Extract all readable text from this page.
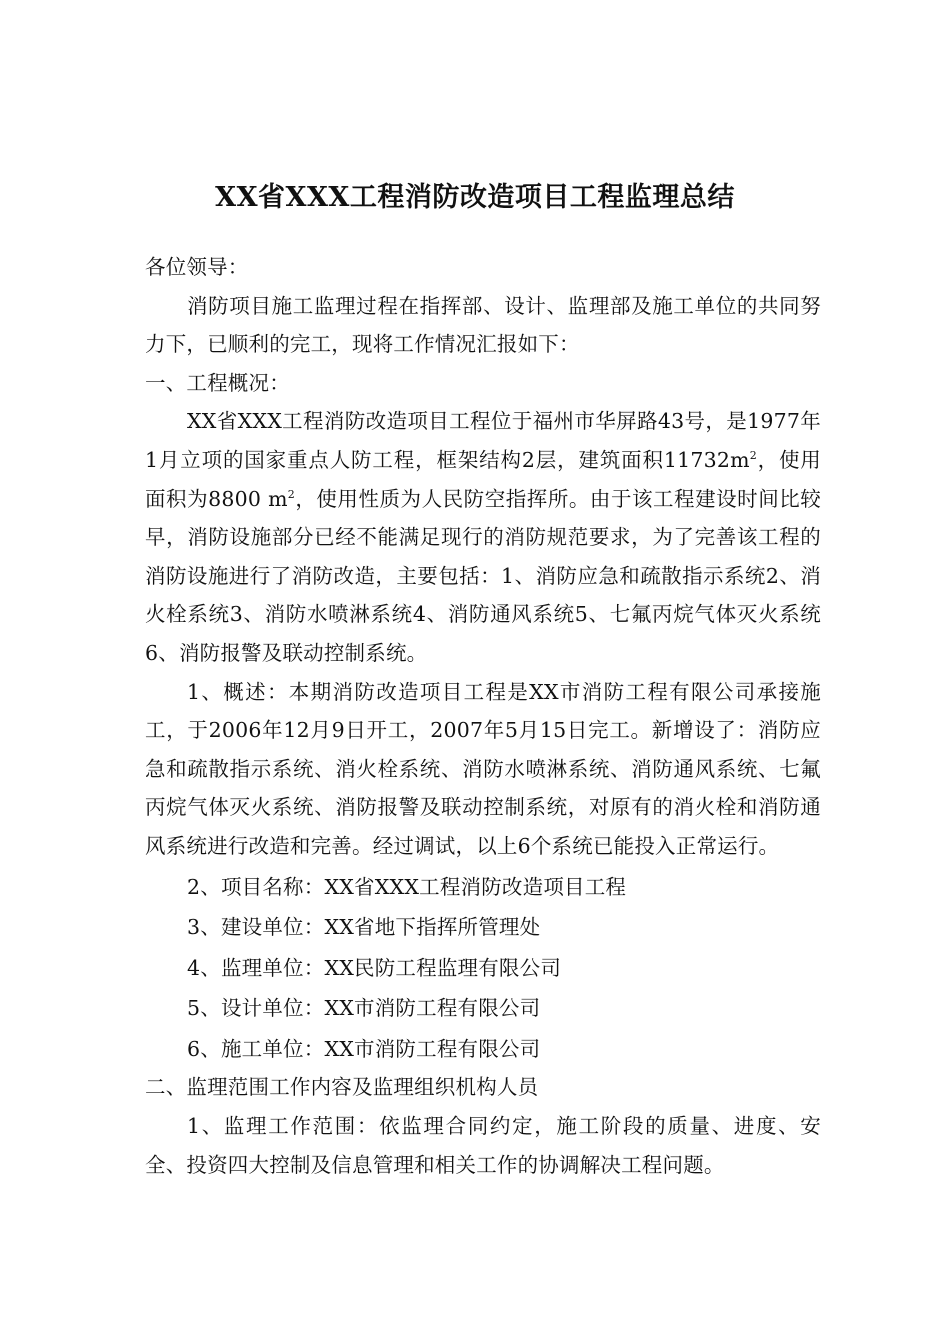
XX省XXX工程消防改造项目工程监理总结

各位领导：

消防项目施工监理过程在指挥部、设计、监理部及施工单位的共同努力下，已顺利的完工，现将工作情况汇报如下：

一、工程概况：

XX省XXX工程消防改造项目工程位于福州市华屏路43号，是1977年1月立项的国家重点人防工程，框架结构2层，建筑面积$11732m^2$，使用面积为8800 $m^2$，使用性质为人民防空指挥所。由于该工程建设时间比较早，消防设施部分已经不能满足现行的消防规范要求，为了完善该工程的消防设施进行了消防改造，主要包括：1、消防应急和疏散指示系统2、消火栓系统3、消防水喷淋系统4、消防通风系统5、七氟丙烷气体灭火系统6、消防报警及联动控制系统。

1、概述：本期消防改造项目工程是XX市消防工程有限公司承接施工，于2006年12月9日开工，2007年5月15日完工。新增设了：消防应急和疏散指示系统、消火栓系统、消防水喷淋系统、消防通风系统、七氟丙烷气体灭火系统、消防报警及联动控制系统，对原有的消火栓和消防通风系统进行改造和完善。经过调试，以上6个系统已能投入正常运行。

2、项目名称：XX省XXX工程消防改造项目工程

3、建设单位：XX省地下指挥所管理处

4、监理单位：XX民防工程监理有限公司

5、设计单位：XX市消防工程有限公司

6、施工单位：XX市消防工程有限公司

二、监理范围工作内容及监理组织机构人员

1、监理工作范围：依监理合同约定，施工阶段的质量、进度、安全、投资四大控制及信息管理和相关工作的协调解决工程问题。
